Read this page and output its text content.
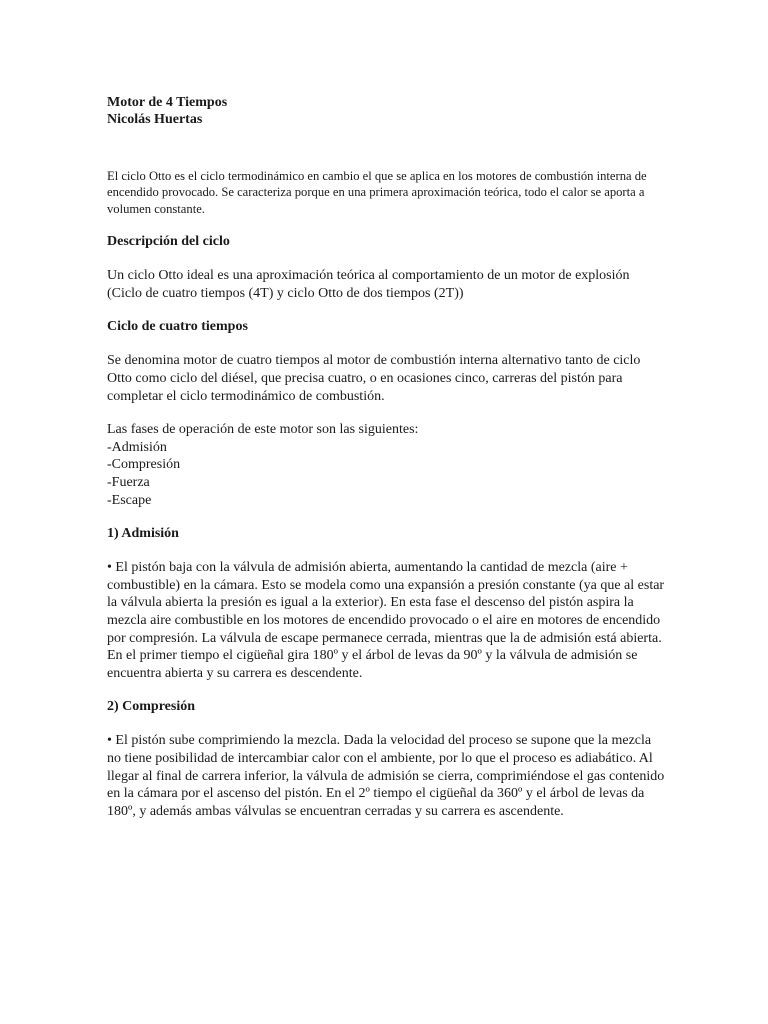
Motor de 4 Tiempos

Nicolás Huertas

El ciclo Otto es el ciclo termodinámico en cambio el que se aplica en los motores de combustión interna de encendido provocado. Se caracteriza porque en una primera aproximación teórica, todo el calor se aporta a volumen constante.

Descripción del ciclo

Un ciclo Otto ideal es una aproximación teórica al comportamiento de un motor de explosión (Ciclo de cuatro tiempos (4T) y ciclo Otto de dos tiempos (2T))

Ciclo de cuatro tiempos

Se denomina motor de cuatro tiempos al motor de combustión interna alternativo tanto de ciclo Otto como ciclo del diésel, que precisa cuatro, o en ocasiones cinco, carreras del pistón para completar el ciclo termodinámico de combustión.

Las fases de operación de este motor son las siguientes:

-Admisión
-Compresión
-Fuerza
-Escape
1) Admisión

• El pistón baja con la válvula de admisión abierta, aumentando la cantidad de mezcla (aire + combustible) en la cámara. Esto se modela como una expansión a presión constante (ya que al estar la válvula abierta la presión es igual a la exterior). En esta fase el descenso del pistón aspira la mezcla aire combustible en los motores de encendido provocado o el aire en motores de encendido por compresión. La válvula de escape permanece cerrada, mientras que la de admisión está abierta. En el primer tiempo el cigüeñal gira 180º y el árbol de levas da 90º y la válvula de admisión se encuentra abierta y su carrera es descendente.

2) Compresión

• El pistón sube comprimiendo la mezcla. Dada la velocidad del proceso se supone que la mezcla no tiene posibilidad de intercambiar calor con el ambiente, por lo que el proceso es adiabático. Al llegar al final de carrera inferior, la válvula de admisión se cierra, comprimiéndose el gas contenido en la cámara por el ascenso del pistón. En el 2º tiempo el cigüeñal da 360º y el árbol de levas da 180º, y además ambas válvulas se encuentran cerradas y su carrera es ascendente.
